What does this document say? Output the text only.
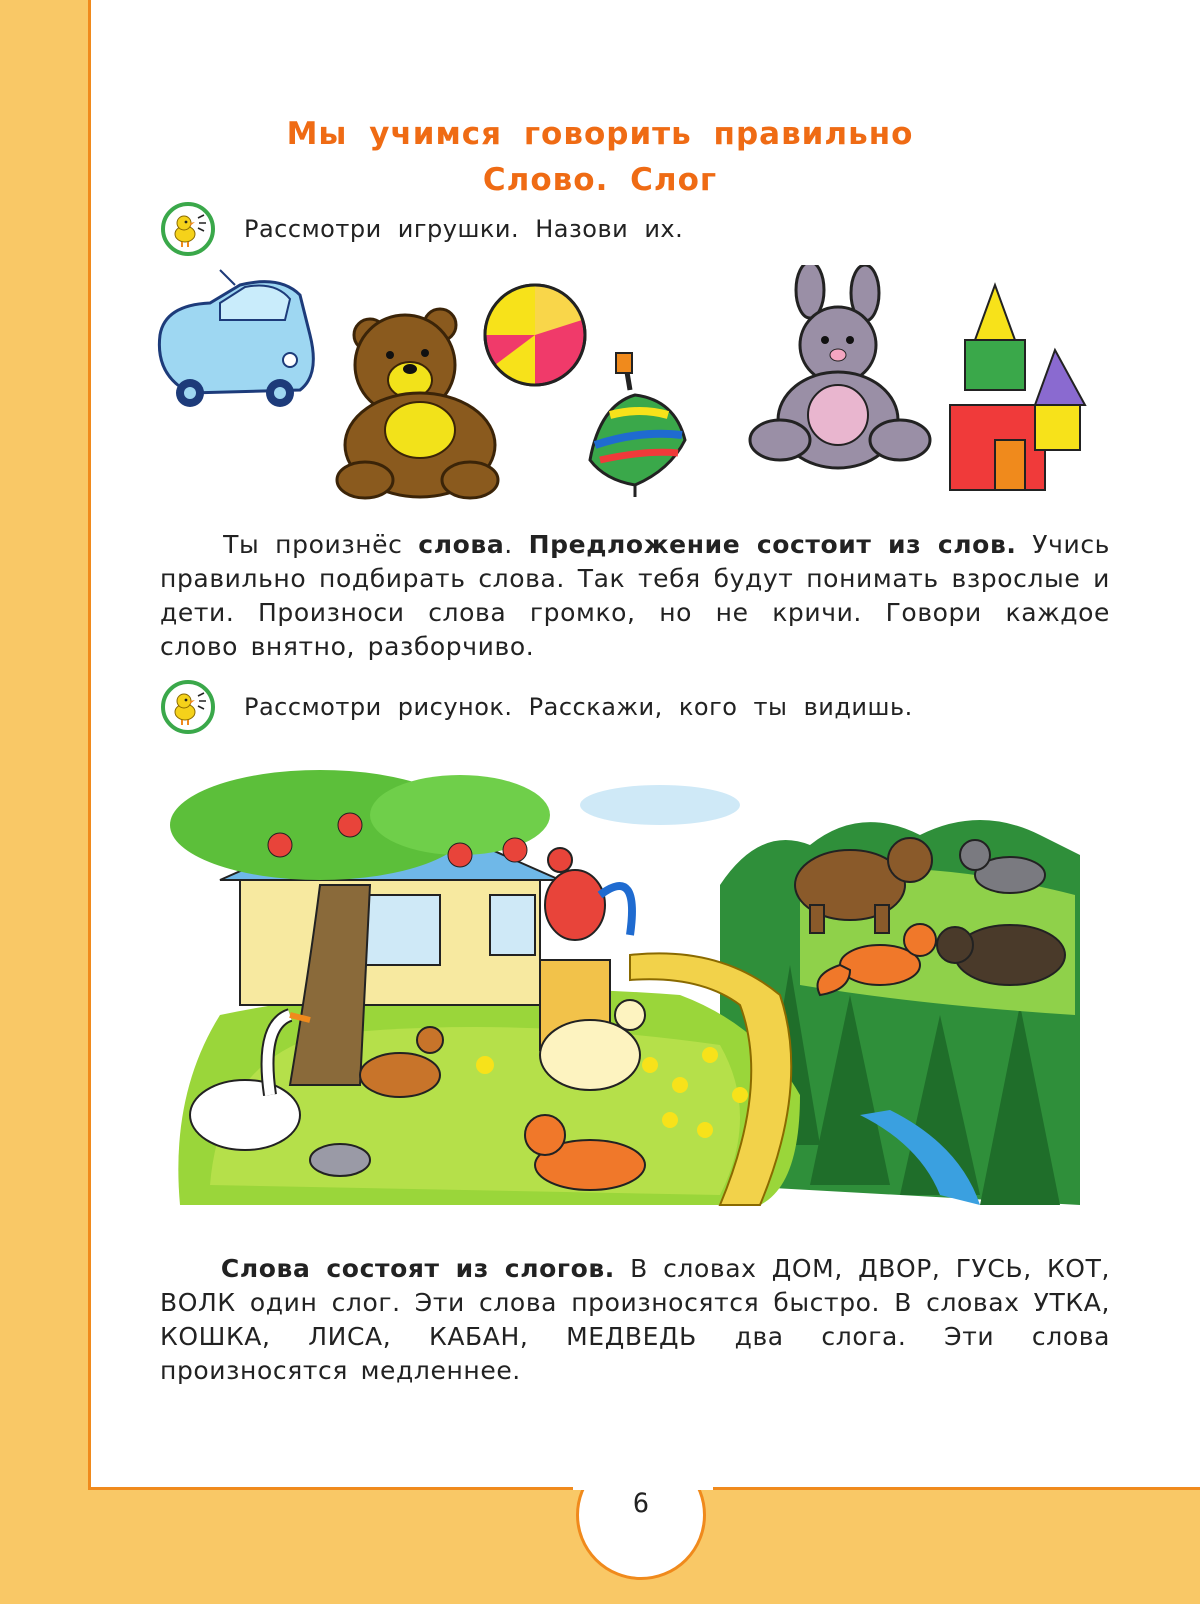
Мы учимся говорить правильно
Слово. Слог
Рассмотри игрушки. Назови их.
Ты произнёс слова. Предложение состоит из слов. Учись правильно подбирать слова. Так тебя будут понимать взрослые и дети. Произноси слова громко, но не кричи. Говори каждое слово внятно, разборчиво.
Рассмотри рисунок. Расскажи, кого ты видишь.
Слова состоят из слогов. В словах ДОМ, ДВОР, ГУСЬ, КОТ, ВОЛК один слог. Эти слова произносятся быстро. В словах УТКА, КОШКА, ЛИСА, КАБАН, МЕДВЕДЬ два слога. Эти слова произносятся медленнее.
6
